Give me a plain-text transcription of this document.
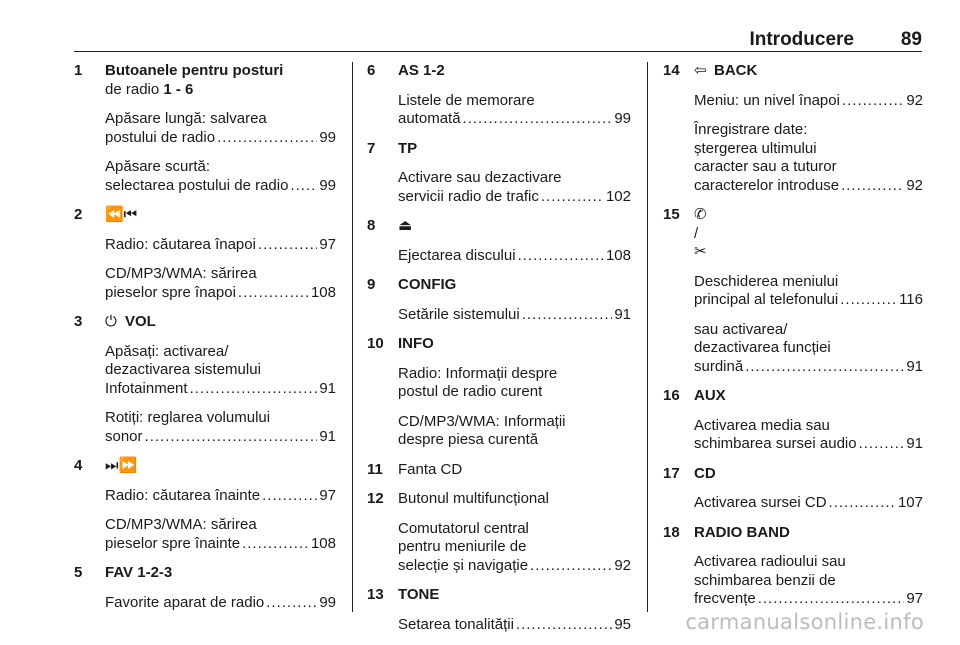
Introducere 89
1	Butoanele pentru posturi
de radio 1 - 6
Apăsare lungă: salvarea
postului de radio .....	99
Apăsare scurtă:
selectarea postului de radio ..... 99
2	⏪⏮
Radio: căutarea înapoi .....	97
CD/MP3/WMA: sărirea
pieselor spre înapoi .....	108
3	⏻ VOL
Apăsați: activarea/
dezactivarea sistemului
Infotainment .....	91
Rotiți: reglarea volumului
sonor .....	91
4	⏭⏩
Radio: căutarea înainte .....	97
CD/MP3/WMA: sărirea
pieselor spre înainte .....	108
5	FAV 1-2-3
Favorite aparat de radio .....	99
6	AS 1-2
Listele de memorare
automată .....	99
7	TP
Activare sau dezactivare
servicii radio de trafic .....	102
8	⏏
Ejectarea discului .....	108
9	CONFIG
Setările sistemului .....	91
10 INFO
Radio: Informații despre
postul de radio curent
CD/MP3/WMA: Informații
despre piesa curentă
11	Fanta CD
12 Butonul multifuncțional
Comutatorul central
pentru meniurile de
selecție și navigație .....	92
13 TONE
Setarea tonalității .....	95
14 ⇦ BACK
Meniu: un nivel înapoi .....	92
Înregistrare date:
ștergerea ultimului
caracter sau a tuturor
caracterelor introduse .....	92
15 ✆ / ✂
Deschiderea meniului
principal al telefonului .....	116
sau activarea/
dezactivarea funcției
surdină .....	91
16 AUX
Activarea media sau
schimbarea sursei audio .....	91
17 CD
Activarea sursei CD .....	107
18 RADIO BAND
Activarea radioului sau
schimbarea benzii de
frecvențe .....	97
carmanualsonline.info
